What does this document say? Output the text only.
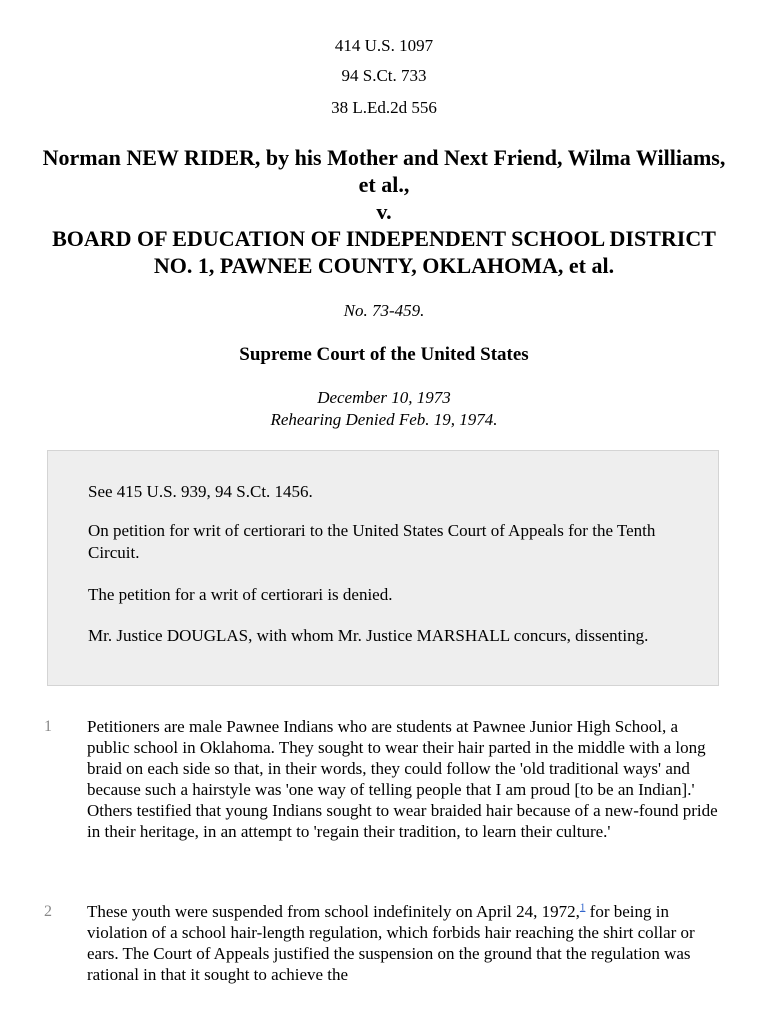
414 U.S. 1097
94 S.Ct. 733
38 L.Ed.2d 556
Norman NEW RIDER, by his Mother and Next Friend, Wilma Williams, et al.,
v.
BOARD OF EDUCATION OF INDEPENDENT SCHOOL DISTRICT NO. 1, PAWNEE COUNTY, OKLAHOMA, et al.
No. 73-459.
Supreme Court of the United States
December 10, 1973
Rehearing Denied Feb. 19, 1974.

See 415 U.S. 939, 94 S.Ct. 1456.

On petition for writ of certiorari to the United States Court of Appeals for the Tenth Circuit.

The petition for a writ of certiorari is denied.

Mr. Justice DOUGLAS, with whom Mr. Justice MARSHALL concurs, dissenting.

1	Petitioners are male Pawnee Indians who are students at Pawnee Junior High School, a public school in Oklahoma. They sought to wear their hair parted in the middle with a long braid on each side so that, in their words, they could follow the 'old traditional ways' and because such a hairstyle was 'one way of telling people that I am proud [to be an Indian].' Others testified that young Indians sought to wear braided hair because of a new-found pride in their heritage, in an attempt to 'regain their tradition, to learn their culture.'
2	These youth were suspended from school indefinitely on April 24, 1972,$^1$ for being in violation of a school hair-length regulation, which forbids hair reaching the shirt collar or ears. The Court of Appeals justified the suspension on the ground that the regulation was rational in that it sought to achieve the
